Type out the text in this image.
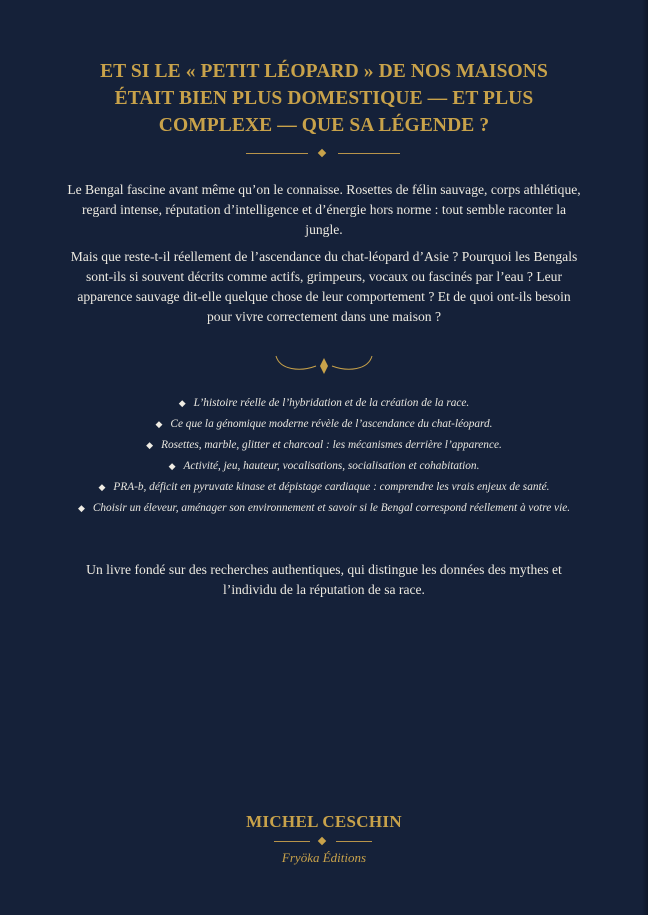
ET SI LE « PETIT LÉOPARD » DE NOS MAISONS
ÉTAIT BIEN PLUS DOMESTIQUE — ET PLUS
COMPLEXE — QUE SA LÉGENDE ?
Le Bengal fascine avant même qu’on le connaisse. Rosettes de félin sauvage, corps athlétique, regard intense, réputation d’intelligence et d’énergie hors norme : tout semble raconter la jungle.
Mais que reste-t-il réellement de l’ascendance du chat-léopard d’Asie ? Pourquoi les Bengals sont-ils si souvent décrits comme actifs, grimpeurs, vocaux ou fascinés par l’eau ? Leur apparence sauvage dit-elle quelque chose de leur comportement ? Et de quoi ont-ils besoin pour vivre correctement dans une maison ?
◆ L’histoire réelle de l’hybridation et de la création de la race.
◆ Ce que la génomique moderne révèle de l’ascendance du chat-léopard.
◆ Rosettes, marble, glitter et charcoal : les mécanismes derrière l’apparence.
◆ Activité, jeu, hauteur, vocalisations, socialisation et cohabitation.
◆ PRA-b, déficit en pyruvate kinase et dépistage cardiaque : comprendre les vrais enjeux de santé.
◆ Choisir un éleveur, aménager son environnement et savoir si le Bengal correspond réellement à votre vie.
Un livre fondé sur des recherches authentiques, qui distingue les données des mythes et l’individu de la réputation de sa race.
MICHEL CESCHIN
Fryöka Éditions
